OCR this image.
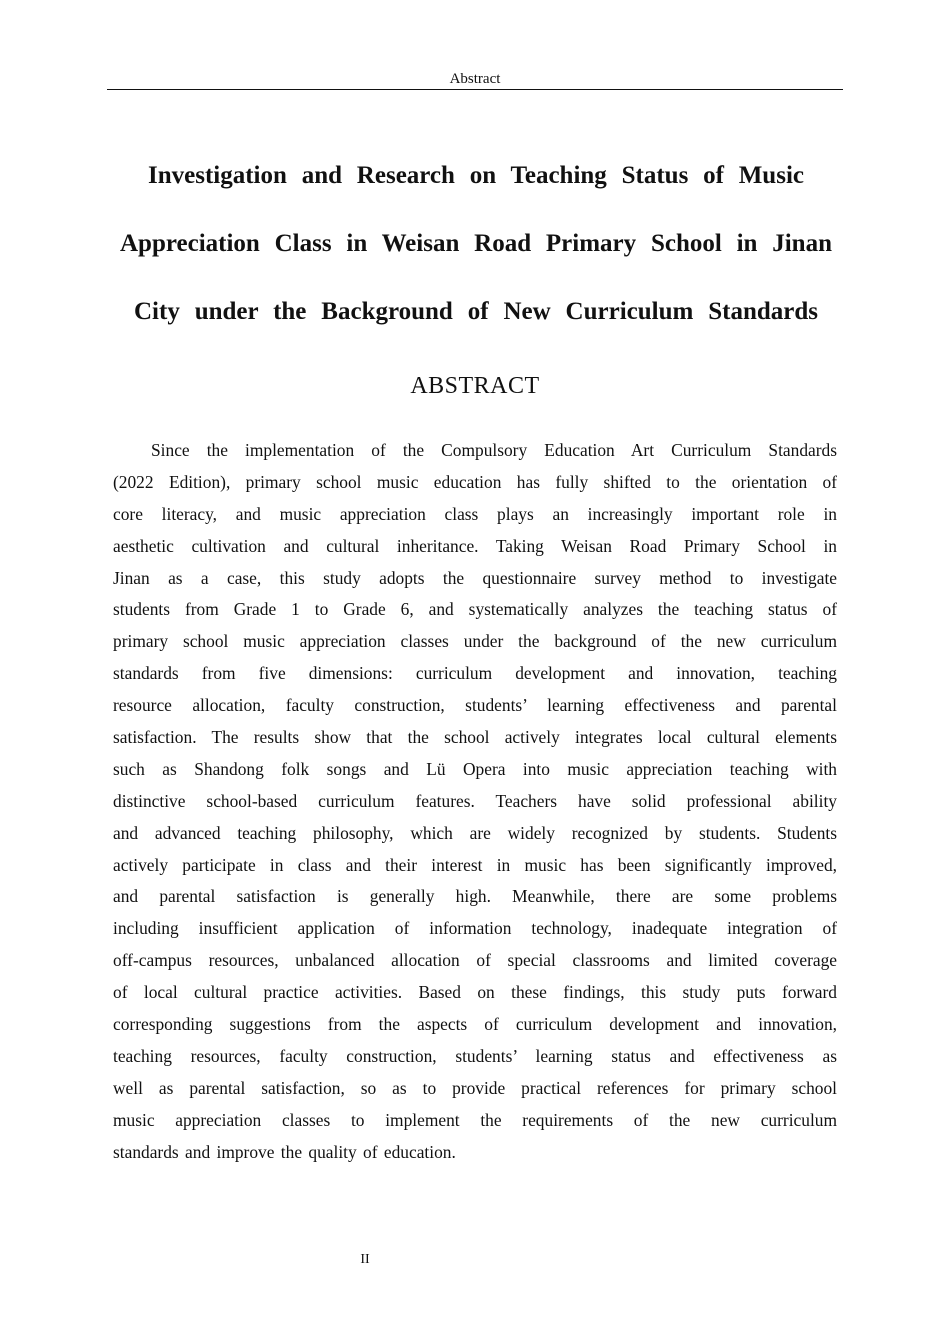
Abstract
Investigation and Research on Teaching Status of Music
Appreciation Class in Weisan Road Primary School in Jinan
City under the Background of New Curriculum Standards
ABSTRACT
Since the implementation of the Compulsory Education Art Curriculum Standards
(2022 Edition), primary school music education has fully shifted to the orientation of
core literacy, and music appreciation class plays an increasingly important role in
aesthetic cultivation and cultural inheritance. Taking Weisan Road Primary School in
Jinan as a case, this study adopts the questionnaire survey method to investigate
students from Grade 1 to Grade 6, and systematically analyzes the teaching status of
primary school music appreciation classes under the background of the new curriculum
standards from five dimensions: curriculum development and innovation, teaching
resource allocation, faculty construction, students’ learning effectiveness and parental
satisfaction. The results show that the school actively integrates local cultural elements
such as Shandong folk songs and Lü Opera into music appreciation teaching with
distinctive school-based curriculum features. Teachers have solid professional ability
and advanced teaching philosophy, which are widely recognized by students. Students
actively participate in class and their interest in music has been significantly improved,
and parental satisfaction is generally high. Meanwhile, there are some problems
including insufficient application of information technology, inadequate integration of
off-campus resources, unbalanced allocation of special classrooms and limited coverage
of local cultural practice activities. Based on these findings, this study puts forward
corresponding suggestions from the aspects of curriculum development and innovation,
teaching resources, faculty construction, students’ learning status and effectiveness as
well as parental satisfaction, so as to provide practical references for primary school
music appreciation classes to implement the requirements of the new curriculum
standards and improve the quality of education.
II
